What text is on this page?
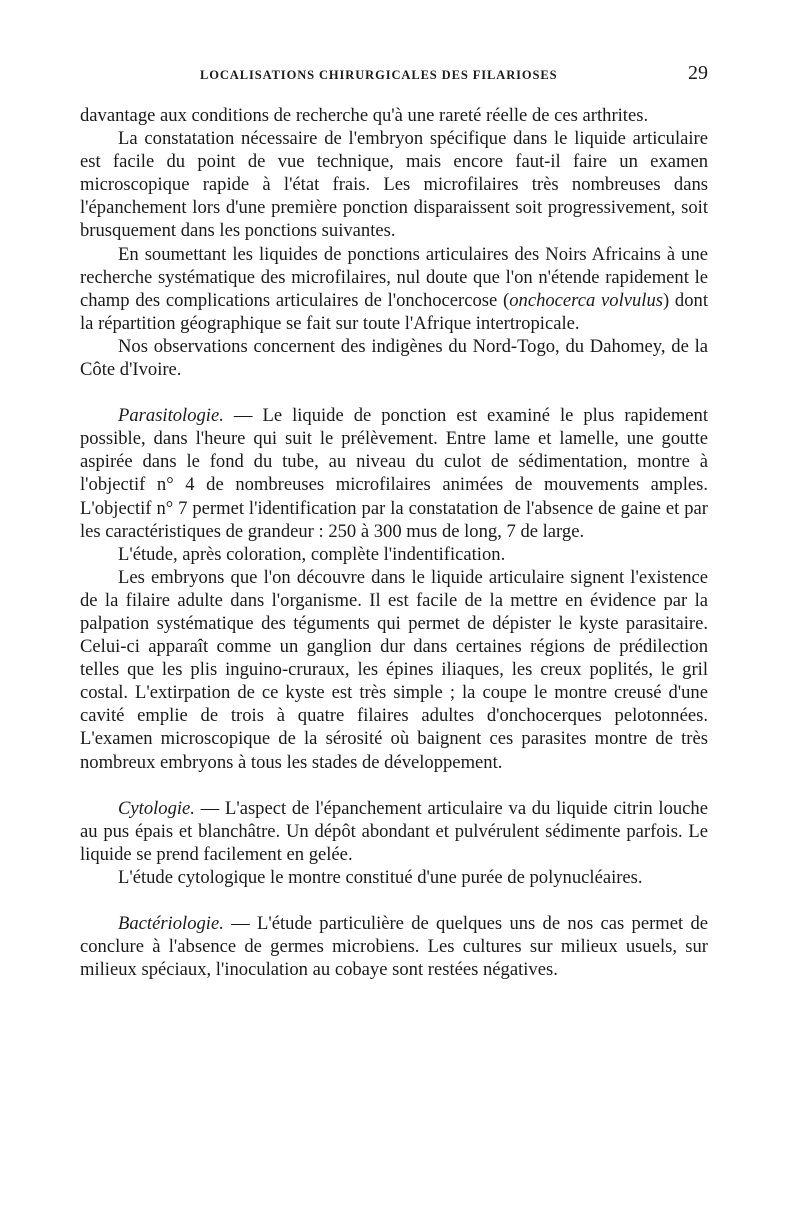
LOCALISATIONS CHIRURGICALES DES FILARIOSES	29

davantage aux conditions de recherche qu'à une rareté réelle de ces arthrites.

La constatation nécessaire de l'embryon spécifique dans le liquide articulaire est facile du point de vue technique, mais encore faut-il faire un examen microscopique rapide à l'état frais. Les microfilaires très nombreuses dans l'épanchement lors d'une première ponction disparaissent soit progressivement, soit brusquement dans les ponctions suivantes.

En soumettant les liquides de ponctions articulaires des Noirs Africains à une recherche systématique des microfilaires, nul doute que l'on n'étende rapidement le champ des complications articulaires de l'onchocercose (onchocerca volvulus) dont la répartition géographique se fait sur toute l'Afrique intertropicale.

Nos observations concernent des indigènes du Nord-Togo, du Dahomey, de la Côte d'Ivoire.

Parasitologie. — Le liquide de ponction est examiné le plus rapidement possible, dans l'heure qui suit le prélèvement. Entre lame et lamelle, une goutte aspirée dans le fond du tube, au niveau du culot de sédimentation, montre à l'objectif n° 4 de nombreuses microfilaires animées de mouvements amples. L'objectif n° 7 permet l'identification par la constatation de l'absence de gaine et par les caractéristiques de grandeur : 250 à 300 mus de long, 7 de large.

L'étude, après coloration, complète l'indentification.

Les embryons que l'on découvre dans le liquide articulaire signent l'existence de la filaire adulte dans l'organisme. Il est facile de la mettre en évidence par la palpation systématique des téguments qui permet de dépister le kyste parasitaire. Celui-ci apparaît comme un ganglion dur dans certaines régions de prédilection telles que les plis inguino-cruraux, les épines iliaques, les creux poplités, le gril costal. L'extirpation de ce kyste est très simple ; la coupe le montre creusé d'une cavité emplie de trois à quatre filaires adultes d'onchocerques pelotonnées. L'examen microscopique de la sérosité où baignent ces parasites montre de très nombreux embryons à tous les stades de développement.

Cytologie. — L'aspect de l'épanchement articulaire va du liquide citrin louche au pus épais et blanchâtre. Un dépôt abondant et pulvérulent sédimente parfois. Le liquide se prend facilement en gelée.

L'étude cytologique le montre constitué d'une purée de polynucléaires.

Bactériologie. — L'étude particulière de quelques uns de nos cas permet de conclure à l'absence de germes microbiens. Les cultures sur milieux usuels, sur milieux spéciaux, l'inoculation au cobaye sont restées négatives.
